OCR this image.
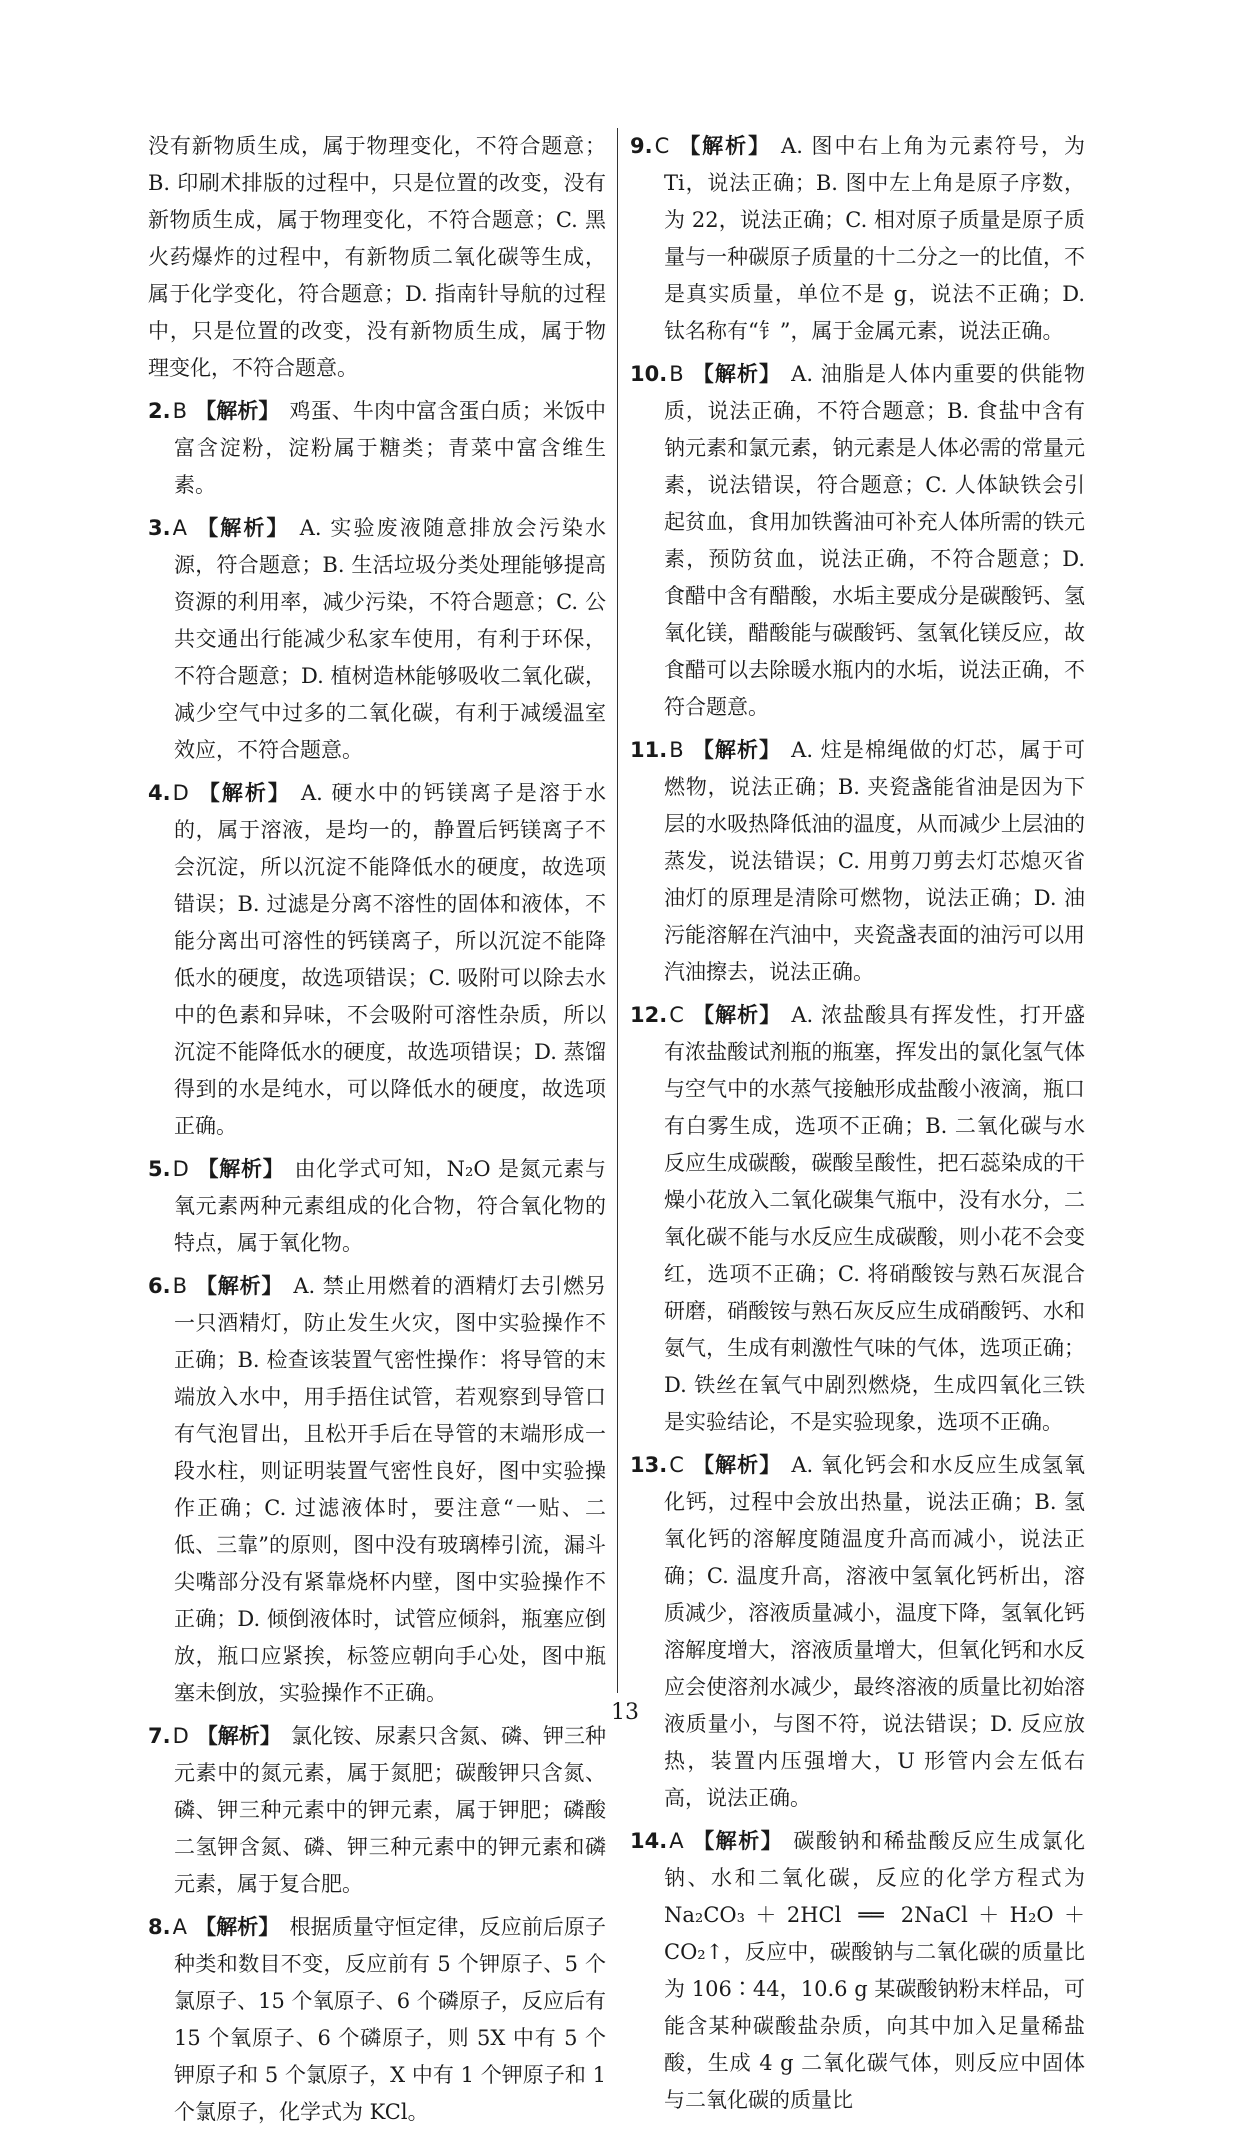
没有新物质生成，属于物理变化，不符合题意；B. 印刷术排版的过程中，只是位置的改变，没有新物质生成，属于物理变化，不符合题意；C. 黑火药爆炸的过程中，有新物质二氧化碳等生成，属于化学变化，符合题意；D. 指南针导航的过程中，只是位置的改变，没有新物质生成，属于物理变化，不符合题意。
2.B 【解析】 鸡蛋、牛肉中富含蛋白质；米饭中富含淀粉，淀粉属于糖类；青菜中富含维生素。
3.A 【解析】 A. 实验废液随意排放会污染水源，符合题意；B. 生活垃圾分类处理能够提高资源的利用率，减少污染，不符合题意；C. 公共交通出行能减少私家车使用，有利于环保，不符合题意；D. 植树造林能够吸收二氧化碳，减少空气中过多的二氧化碳，有利于减缓温室效应，不符合题意。
4.D 【解析】 A. 硬水中的钙镁离子是溶于水的，属于溶液，是均一的，静置后钙镁离子不会沉淀，所以沉淀不能降低水的硬度，故选项错误；B. 过滤是分离不溶性的固体和液体，不能分离出可溶性的钙镁离子，所以沉淀不能降低水的硬度，故选项错误；C. 吸附可以除去水中的色素和异味，不会吸附可溶性杂质，所以沉淀不能降低水的硬度，故选项错误；D. 蒸馏得到的水是纯水，可以降低水的硬度，故选项正确。
5.D 【解析】 由化学式可知，N₂O 是氮元素与氧元素两种元素组成的化合物，符合氧化物的特点，属于氧化物。
6.B 【解析】 A. 禁止用燃着的酒精灯去引燃另一只酒精灯，防止发生火灾，图中实验操作不正确；B. 检查该装置气密性操作：将导管的末端放入水中，用手捂住试管，若观察到导管口有气泡冒出，且松开手后在导管的末端形成一段水柱，则证明装置气密性良好，图中实验操作正确；C. 过滤液体时，要注意“一贴、二低、三靠”的原则，图中没有玻璃棒引流，漏斗尖嘴部分没有紧靠烧杯内壁，图中实验操作不正确；D. 倾倒液体时，试管应倾斜，瓶塞应倒放，瓶口应紧挨，标签应朝向手心处，图中瓶塞未倒放，实验操作不正确。
7.D 【解析】 氯化铵、尿素只含氮、磷、钾三种元素中的氮元素，属于氮肥；碳酸钾只含氮、磷、钾三种元素中的钾元素，属于钾肥；磷酸二氢钾含氮、磷、钾三种元素中的钾元素和磷元素，属于复合肥。
8.A 【解析】 根据质量守恒定律，反应前后原子种类和数目不变，反应前有 5 个钾原子、5 个氯原子、15 个氧原子、6 个磷原子，反应后有 15 个氧原子、6 个磷原子，则 5X 中有 5 个钾原子和 5 个氯原子，X 中有 1 个钾原子和 1 个氯原子，化学式为 KCl。
9.C 【解析】 A. 图中右上角为元素符号，为 Ti，说法正确；B. 图中左上角是原子序数，为 22，说法正确；C. 相对原子质量是原子质量与一种碳原子质量的十二分之一的比值，不是真实质量，单位不是 g，说法不正确；D. 钛名称有“钅”，属于金属元素，说法正确。
10.B 【解析】 A. 油脂是人体内重要的供能物质，说法正确，不符合题意；B. 食盐中含有钠元素和氯元素，钠元素是人体必需的常量元素，说法错误，符合题意；C. 人体缺铁会引起贫血，食用加铁酱油可补充人体所需的铁元素，预防贫血，说法正确，不符合题意；D. 食醋中含有醋酸，水垢主要成分是碳酸钙、氢氧化镁，醋酸能与碳酸钙、氢氧化镁反应，故食醋可以去除暖水瓶内的水垢，说法正确，不符合题意。
11.B 【解析】 A. 炷是棉绳做的灯芯，属于可燃物，说法正确；B. 夹瓷盏能省油是因为下层的水吸热降低油的温度，从而减少上层油的蒸发，说法错误；C. 用剪刀剪去灯芯熄灭省油灯的原理是清除可燃物，说法正确；D. 油污能溶解在汽油中，夹瓷盏表面的油污可以用汽油擦去，说法正确。
12.C 【解析】 A. 浓盐酸具有挥发性，打开盛有浓盐酸试剂瓶的瓶塞，挥发出的氯化氢气体与空气中的水蒸气接触形成盐酸小液滴，瓶口有白雾生成，选项不正确；B. 二氧化碳与水反应生成碳酸，碳酸呈酸性，把石蕊染成的干燥小花放入二氧化碳集气瓶中，没有水分，二氧化碳不能与水反应生成碳酸，则小花不会变红，选项不正确；C. 将硝酸铵与熟石灰混合研磨，硝酸铵与熟石灰反应生成硝酸钙、水和氨气，生成有刺激性气味的气体，选项正确；D. 铁丝在氧气中剧烈燃烧，生成四氧化三铁是实验结论，不是实验现象，选项不正确。
13.C 【解析】 A. 氧化钙会和水反应生成氢氧化钙，过程中会放出热量，说法正确；B. 氢氧化钙的溶解度随温度升高而减小，说法正确；C. 温度升高，溶液中氢氧化钙析出，溶质减少，溶液质量减小，温度下降，氢氧化钙溶解度增大，溶液质量增大，但氧化钙和水反应会使溶剂水减少，最终溶液的质量比初始溶液质量小，与图不符，说法错误；D. 反应放热，装置内压强增大，U 形管内会左低右高，说法正确。
14.A 【解析】 碳酸钠和稀盐酸反应生成氯化钠、水和二氧化碳，反应的化学方程式为 Na₂CO₃＋2HCl ══ 2NaCl＋H₂O＋CO₂↑，反应中，碳酸钠与二氧化碳的质量比为 106∶44，10.6 g 某碳酸钠粉末样品，可能含某种碳酸盐杂质，向其中加入足量稀盐酸，生成 4 g 二氧化碳气体，则反应中固体与二氧化碳的质量比
13
